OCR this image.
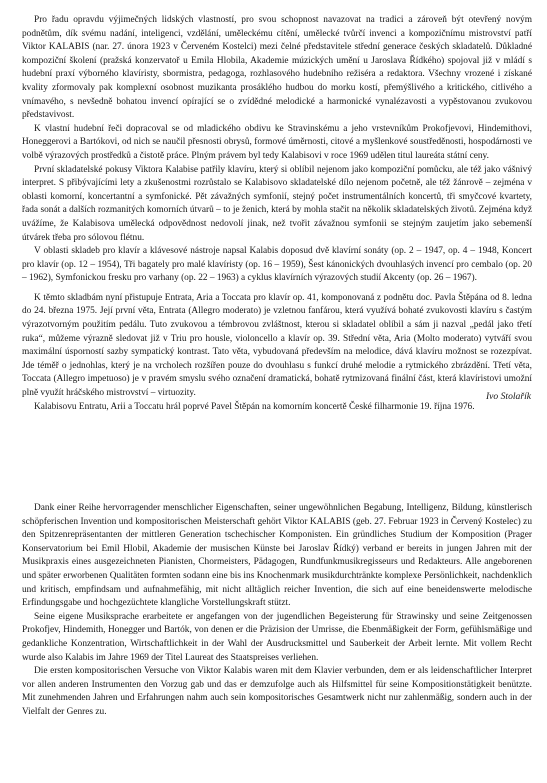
Pro řadu opravdu výjimečných lidských vlastností, pro svou schopnost navazovat na tradici a zároveň být otevřený novým podnětům, dík svému nadání, inteligenci, vzdělání, uměleckému cítění, umělecké tvůrčí invenci a kompozičnímu mistrovství patří Viktor KALABIS (nar. 27. února 1923 v Červeném Kostelci) mezi čelné představitele střední generace českých skladatelů. Důkladné kompoziční školení (pražská konzervatoř u Emila Hlobila, Akademie múzických umění u Jaroslava Řídkého) spojoval již v mládí s hudební praxí výborného klavíristy, sbormistra, pedagoga, rozhlasového hudebního režiséra a redaktora. Všechny vrozené i získané kvality zformovaly pak komplexní osobnost muzikanta prosáklého hudbou do morku kostí, přemýšlivého a kritického, citlivého a vnímavého, s nevšedně bohatou invencí opírající se o zvídědné melodické a harmonické vynalézavosti a vypěstovanou zvukovou představivost.

K vlastní hudební řeči dopracoval se od mladického obdivu ke Stravinskému a jeho vrstevníkům Prokofjevovi, Hindemithovi, Honeggerovi a Bartókovi, od nich se naučil přesnosti obrysů, formové úměrnosti, citové a myšlenkové soustředěnosti, hospodárnosti ve volbě výrazových prostředků a čistotě práce. Plným právem byl tedy Kalabisovi v roce 1969 udělen titul laureáta státní ceny.

První skladatelské pokusy Viktora Kalabise patřily klavíru, který si oblíbil nejenom jako kompoziční pomůcku, ale též jako vášnivý interpret. S přibývajícími lety a zkušenostmi rozrůstalo se Kalabisovo skladatelské dílo nejenom početně, ale též žánrově – zejména v oblasti komorní, koncertantní a symfonické. Pět závažných symfonií, stejný počet instrumentálních koncertů, tři smyčcové kvartety, řada sonát a dalších rozmanitých komorních útvarů – to je ženich, která by mohla stačit na několik skladatelských životů. Zejména když uvážíme, že Kalabisova umělecká odpovědnost nedovolí jinak, než tvořit závažnou symfonii se stejným zaujetím jako sebemenší útvárek třeba pro sólovou flétnu.

V oblasti skladeb pro klavír a klávesové nástroje napsal Kalabis doposud dvě klavírní sonáty (op. 2 – 1947, op. 4 – 1948, Koncert pro klavír (op. 12 – 1954), Tři bagately pro malé klavíristy (op. 16 – 1959), Šest kánonických dvouhlasých invencí pro cembalo (op. 20 – 1962), Symfonickou fresku pro varhany (op. 22 – 1963) a cyklus klavírních výrazových studií Akcenty (op. 26 – 1967).

K těmto skladbám nyní přistupuje Entrata, Aria a Toccata pro klavír op. 41, komponovaná z podnětu doc. Pavla Štěpána od 8. ledna do 24. března 1975. Její první věta, Entrata (Allegro moderato) je vzletnou fanfárou, která využívá bohaté zvukovosti klavíru s častým výrazotvorným použitím pedálu. Tuto zvukovou a témbrovou zvláštnost, kterou si skladatel oblíbil a sám ji nazval „pedál jako třetí ruka“, můžeme výrazně sledovat již v Triu pro housle, violoncello a klavír op. 39. Střední věta, Aria (Molto moderato) vytváří svou maximální úsporností sazby sympatický kontrast. Tato věta, vybudovaná především na melodice, dává klavíru možnost se rozezpívat. Jde téměř o jednohlas, který je na vrcholech rozšířen pouze do dvouhlasu s funkcí druhé melodie a rytmického zbrázdění. Třetí věta, Toccata (Allegro impetuoso) je v pravém smyslu svého označení dramatická, bohatě rytmizovaná finální část, která klavíristovi umožní plně využít hráčského mistrovství – virtuozity.

Kalabisovu Entratu, Arii a Toccatu hrál poprvé Pavel Štěpán na komorním koncertě České filharmonie 19. října 1976.

Ivo Stolařík

Dank einer Reihe hervorragender menschlicher Eigenschaften, seiner ungewöhnlichen Begabung, Intelligenz, Bildung, künstlerisch schöpferischen Invention und kompositorischen Meisterschaft gehört Viktor KALABIS (geb. 27. Februar 1923 in Červený Kostelec) zu den Spitzenrepräsentanten der mittleren Generation tschechischer Komponisten. Ein gründliches Studium der Komposition (Prager Konservatorium bei Emil Hlobil, Akademie der musischen Künste bei Jaroslav Řídký) verband er bereits in jungen Jahren mit der Musikpraxis eines ausgezeichneten Pianisten, Chormeisters, Pädagogen, Rundfunkmusikregisseurs und Redakteurs. Alle angeborenen und später erworbenen Qualitäten formten sodann eine bis ins Knochenmark musikdurchtränkte komplexe Persönlichkeit, nachdenklich und kritisch, empfindsam und aufnahmefähig, mit nicht alltäglich reicher Invention, die sich auf eine beneidenswerte melodische Erfindungsgabe und hochgezüchtete klangliche Vorstellungskraft stützt.

Seine eigene Musiksprache erarbeitete er angefangen von der jugendlichen Begeisterung für Strawinsky und seine Zeitgenossen Prokofjev, Hindemith, Honegger und Bartók, von denen er die Präzision der Umrisse, die Ebenmäßigkeit der Form, gefühlsmäßige und gedankliche Konzentration, Wirtschaftlichkeit in der Wahl der Ausdrucksmittel und Sauberkeit der Arbeit lernte. Mit vollem Recht wurde also Kalabis im Jahre 1969 der Titel Laureat des Staatspreises verliehen.

Die ersten kompositorischen Versuche von Viktor Kalabis waren mit dem Klavier verbunden, dem er als leidenschaftlicher Interpret vor allen anderen Instrumenten den Vorzug gab und das er demzufolge auch als Hilfsmittel für seine Kompositionstätigkeit benützte. Mit zunehmenden Jahren und Erfahrungen nahm auch sein kompositorisches Gesamtwerk nicht nur zahlenmäßig, sondern auch in der Vielfalt der Genres zu.
